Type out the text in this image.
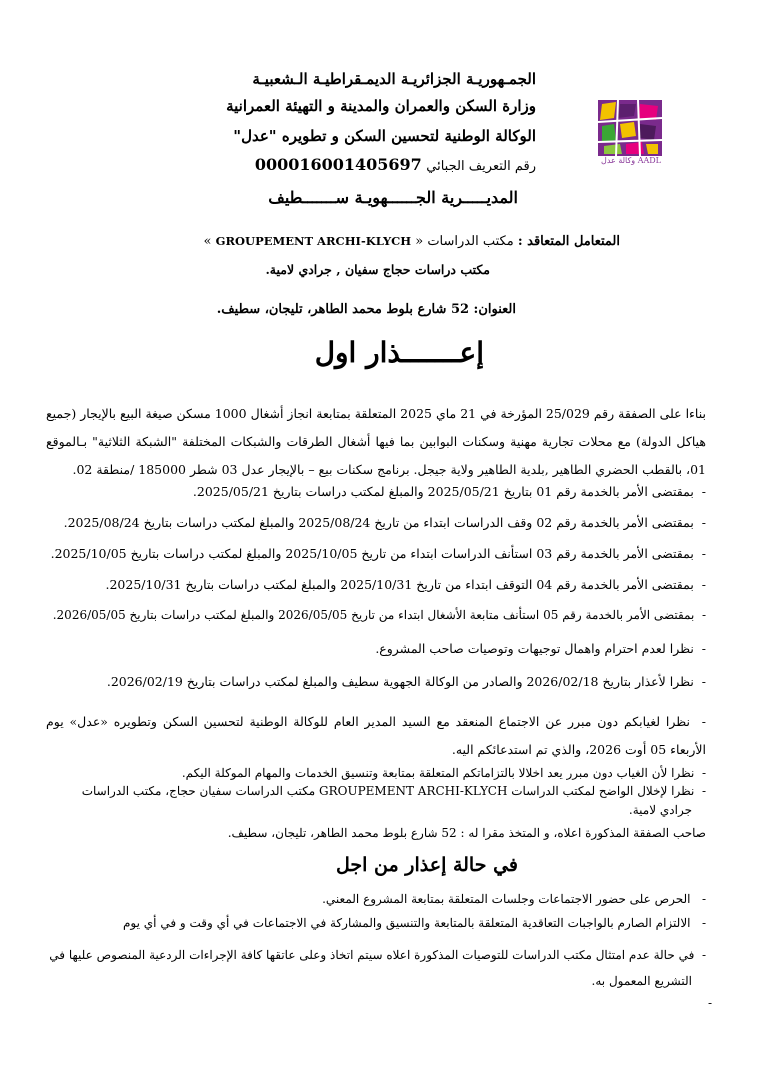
وكالة عدل AADL
الجمـهوريـة الجزائريـة الديمـقراطيـة الـشعبيـة
وزارة السكن والعمران والمدينة و التهيئة العمرانية
الوكالة الوطنية لتحسين السكن و تطويره "عدل"
رقم التعريف الجبائي 000016001405697
المديـــــرية الجــــــهويـة ســـــــطيف
المتعامل المتعاقد : مكتب الدراسات « GROUPEMENT ARCHI-KLYCH »
مكتب دراسات حجاج سفيان , جرادي لامية.
العنوان: 52 شارع بلوط محمد الطاهر، تليجان، سطيف.
إعـــــــذار اول
بناءا على الصفقة رقم 25/029 المؤرخة في 21 ماي 2025 المتعلقة بمتابعة انجاز أشغال 1000 مسكن صيغة البيع بالإيجار (جميع هياكل الدولة) مع محلات تجارية مهنية وسكنات البوابين بما فيها أشغال الطرقات والشبكات المختلفة "الشبكة الثلاثية" بـالموقع 01، بالقطب الحضري الطاهير ,بلدية الطاهير ولاية جيجل. برنامج سكنات بيع – بالإيجار عدل 03 شطر 185000 /منطقة 02.
-  بمقتضى الأمر بالخدمة رقم 01 بتاريخ 2025/05/21 والمبلغ لمكتب دراسات بتاريخ 2025/05/21.
-  بمقتضى الأمر بالخدمة رقم 02 وقف الدراسات ابتداء من تاريخ 2025/08/24 والمبلغ لمكتب دراسات بتاريخ 2025/08/24.
-  بمقتضى الأمر بالخدمة رقم 03 استأنف الدراسات ابتداء من تاريخ 2025/10/05 والمبلغ لمكتب دراسات بتاريخ 2025/10/05.
-  بمقتضى الأمر بالخدمة رقم 04 التوقف ابتداء من تاريخ 2025/10/31 والمبلغ لمكتب دراسات بتاريخ 2025/10/31.
-  بمقتضى الأمر بالخدمة رقم 05 استأنف متابعة الأشغال ابتداء من تاريخ 2026/05/05 والمبلغ لمكتب دراسات بتاريخ 2026/05/05.
-  نظرا لعدم احترام واهمال توجيهات وتوصيات صاحب المشروع.
-  نظرا لأعذار بتاريخ 2026/02/18 والصادر من الوكالة الجهوية سطيف والمبلغ لمكتب دراسات بتاريخ 2026/02/19.
-  نظرا لغيابكم دون مبرر عن الاجتماع المنعقد مع السيد المدير العام للوكالة الوطنية لتحسين السكن وتطويره «عدل» يوم الأربعاء 05 أوت 2026، والذي تم استدعائكم اليه.
-  نظرا لأن الغياب دون مبرر يعد اخلالا بالتزاماتكم المتعلقة بمتابعة وتنسيق الخدمات والمهام الموكلة اليكم.
-  نظرا لإخلال الواضح لمكتب الدراسات GROUPEMENT ARCHI-KLYCH مكتب الدراسات سفيان حجاج، مكتب الدراسات جرادي لامية.
صاحب الصفقة المذكورة اعلاه، و المتخذ مقرا له : 52 شارع بلوط محمد الطاهر، تليجان، سطيف.
في حالة إعذار من اجل
-   الحرص على حضور الاجتماعات وجلسات المتعلقة بمتابعة المشروع المعني.
-   الالتزام الصارم بالواجبات التعاقدية المتعلقة بالمتابعة والتنسيق والمشاركة في الاجتماعات في أي وقت و في أي يوم
-  في حالة عدم امتثال مكتب الدراسات للتوصيات المذكورة اعلاه سيتم اتخاذ وعلى عاتقها كافة الإجراءات الردعية المنصوص عليها في التشريع المعمول به.
-
